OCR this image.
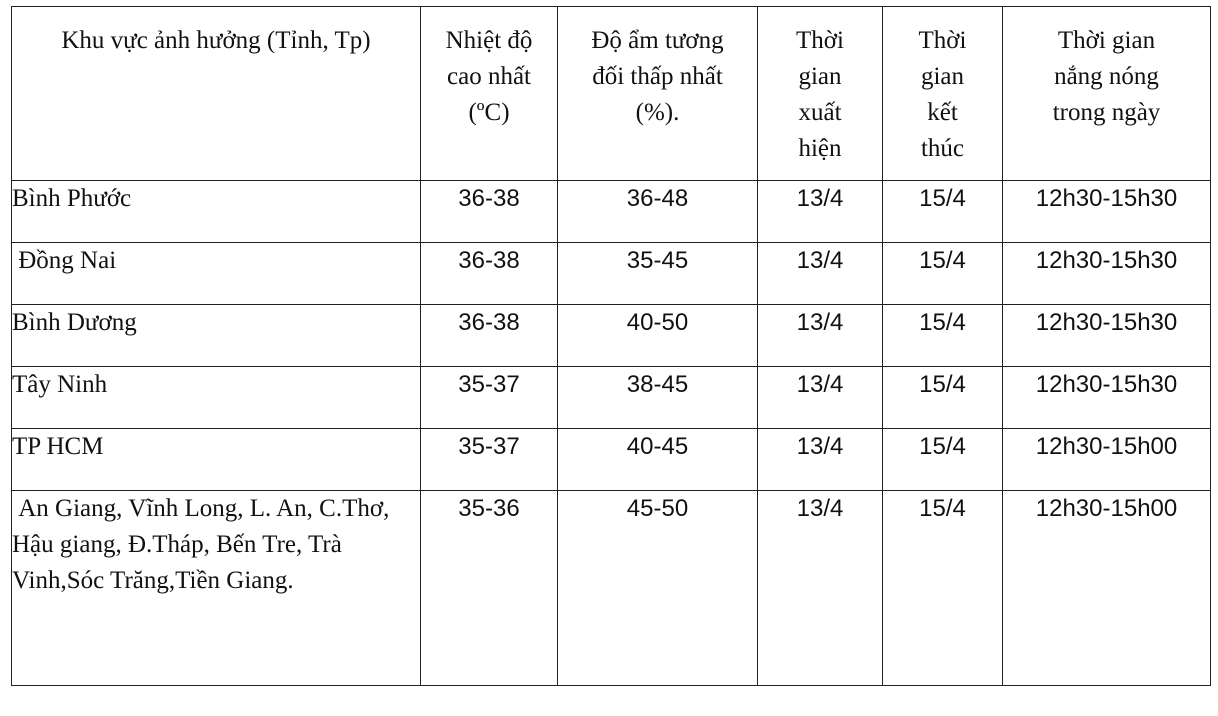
Khu vực ảnh hưởng (Tỉnh, Tp)	Nhiệt độ cao nhất (ºC)	Độ ẩm tương đối thấp nhất (%).	Thời gian xuất hiện	Thời gian kết thúc	Thời gian nắng nóng trong ngày

Bình Phước	36-38	36-48	13/4	15/4	12h30-15h30
Đồng Nai	36-38	35-45	13/4	15/4	12h30-15h30
Bình Dương	36-38	40-50	13/4	15/4	12h30-15h30
Tây Ninh	35-37	38-45	13/4	15/4	12h30-15h30
TP HCM	35-37	40-45	13/4	15/4	12h30-15h00
An Giang, Vĩnh Long, L. An, C.Thơ, Hậu giang, Đ.Tháp, Bến Tre, Trà Vinh,Sóc Trăng,Tiền Giang.	35-36	45-50	13/4	15/4	12h30-15h00
